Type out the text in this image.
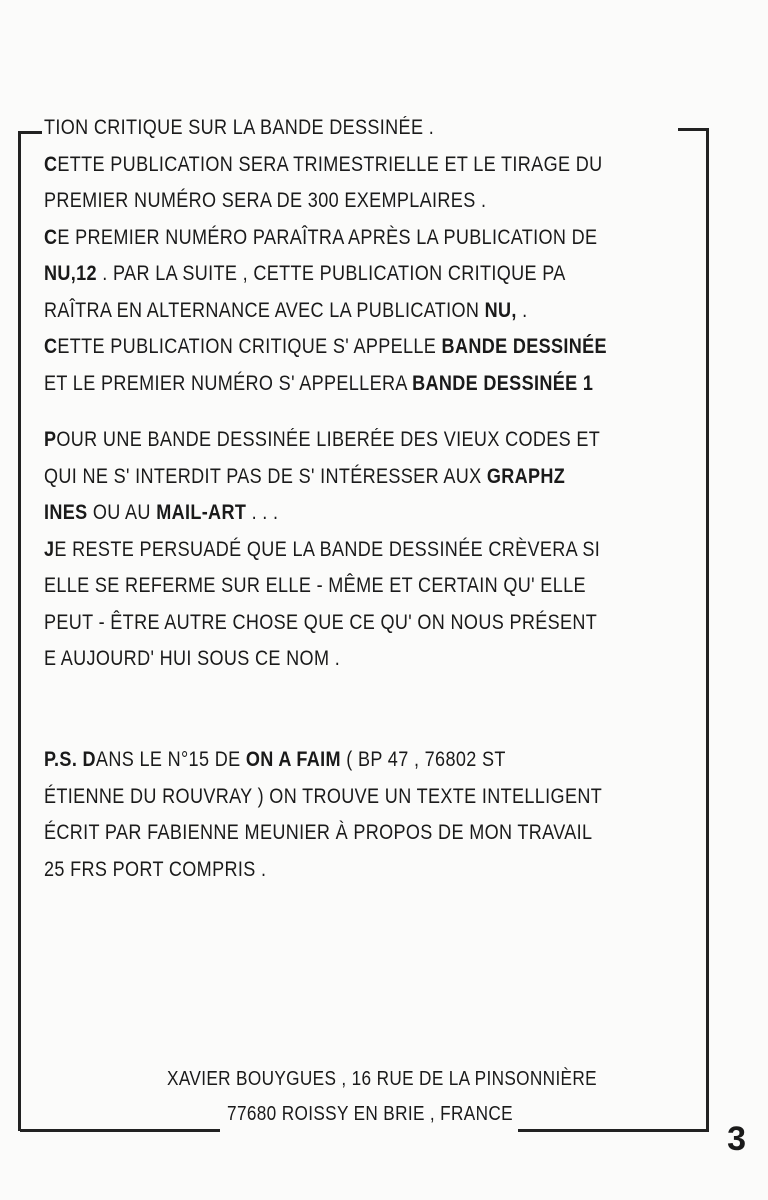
TION CRITIQUE SUR LA BANDE DESSINÉE .
CETTE PUBLICATION SERA TRIMESTRIELLE ET LE TIRAGE DU
PREMIER NUMÉRO SERA DE 300 EXEMPLAIRES .
CE PREMIER NUMÉRO PARAÎTRA APRÈS LA PUBLICATION DE
NU,12 . PAR LA SUITE , CETTE PUBLICATION CRITIQUE PA
RAÎTRA EN ALTERNANCE AVEC LA PUBLICATION NU, .
CETTE PUBLICATION CRITIQUE S' APPELLE BANDE DESSINÉE
ET LE PREMIER NUMÉRO S' APPELLERA BANDE DESSINÉE 1
POUR UNE BANDE DESSINÉE LIBERÉE DES VIEUX CODES ET
QUI NE S' INTERDIT PAS DE S' INTÉRESSER AUX GRAPHZ
INES OU AU MAIL-ART . . .
JE RESTE PERSUADÉ QUE LA BANDE DESSINÉE CRÈVERA SI
ELLE SE REFERME SUR ELLE - MÊME ET CERTAIN QU' ELLE
PEUT - ÊTRE AUTRE CHOSE QUE CE QU' ON NOUS PRÉSENT
E AUJOURD' HUI SOUS CE NOM .
P.S. DANS LE N°15 DE ON A FAIM ( BP 47 , 76802 ST
ÉTIENNE DU ROUVRAY ) ON TROUVE UN TEXTE INTELLIGENT
ÉCRIT PAR FABIENNE MEUNIER À PROPOS DE MON TRAVAIL
25 FRS PORT COMPRIS .
XAVIER BOUYGUES , 16 RUE DE LA PINSONNIÈRE
77680 ROISSY EN BRIE , FRANCE
3
